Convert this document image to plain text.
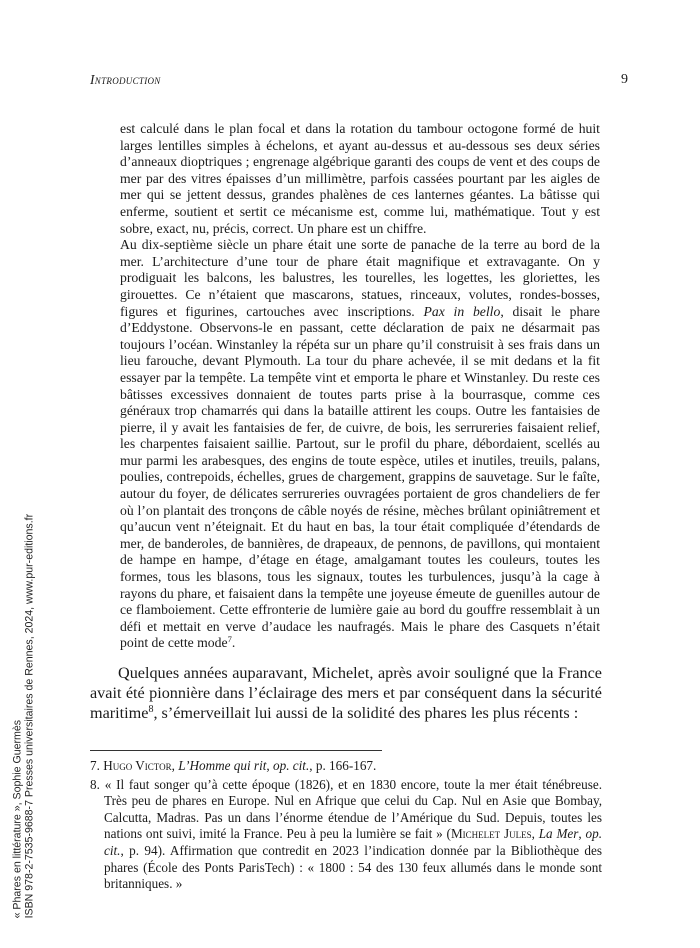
Introduction	9

est calculé dans le plan focal et dans la rotation du tambour octogone formé de huit larges lentilles simples à échelons, et ayant au-dessus et au-dessous ses deux séries d’anneaux dioptriques ; engrenage algébrique garanti des coups de vent et des coups de mer par des vitres épaisses d’un millimètre, parfois cassées pourtant par les aigles de mer qui se jettent dessus, grandes phalènes de ces lanternes géantes. La bâtisse qui enferme, soutient et sertit ce mécanisme est, comme lui, mathématique. Tout y est sobre, exact, nu, précis, correct. Un phare est un chiffre.

Au dix-septième siècle un phare était une sorte de panache de la terre au bord de la mer. L’architecture d’une tour de phare était magnifique et extravagante. On y prodiguait les balcons, les balustres, les tourelles, les logettes, les gloriettes, les girouettes. Ce n’étaient que mascarons, statues, rinceaux, volutes, rondes-bosses, figures et figurines, cartouches avec inscriptions. Pax in bello, disait le phare d’Eddystone. Observons-le en passant, cette déclaration de paix ne désarmait pas toujours l’océan. Winstanley la répéta sur un phare qu’il construisit à ses frais dans un lieu farouche, devant Plymouth. La tour du phare achevée, il se mit dedans et la fit essayer par la tempête. La tempête vint et emporta le phare et Winstanley. Du reste ces bâtisses excessives donnaient de toutes parts prise à la bourrasque, comme ces généraux trop chamarrés qui dans la bataille attirent les coups. Outre les fantaisies de pierre, il y avait les fantaisies de fer, de cuivre, de bois, les serrureries faisaient relief, les charpentes faisaient saillie. Partout, sur le profil du phare, débordaient, scellés au mur parmi les arabesques, des engins de toute espèce, utiles et inutiles, treuils, palans, poulies, contrepoids, échelles, grues de chargement, grappins de sauvetage. Sur le faîte, autour du foyer, de délicates serrureries ouvragées portaient de gros chandeliers de fer où l’on plantait des tronçons de câble noyés de résine, mèches brûlant opiniâtrement et qu’aucun vent n’éteignait. Et du haut en bas, la tour était compliquée d’étendards de mer, de banderoles, de bannières, de drapeaux, de pennons, de pavillons, qui montaient de hampe en hampe, d’étage en étage, amalgamant toutes les couleurs, toutes les formes, tous les blasons, tous les signaux, toutes les turbulences, jusqu’à la cage à rayons du phare, et faisaient dans la tempête une joyeuse émeute de guenilles autour de ce flamboiement. Cette effronterie de lumière gaie au bord du gouffre ressemblait à un défi et mettait en verve d’audace les naufragés. Mais le phare des Casquets n’était point de cette mode$^7$.

Quelques années auparavant, Michelet, après avoir souligné que la France avait été pionnière dans l’éclairage des mers et par conséquent dans la sécurité maritime$^8$, s’émerveillait lui aussi de la solidité des phares les plus récents :

7. Hugo Victor, L’Homme qui rit, op. cit., p. 166-167.

8. « Il faut songer qu’à cette époque (1826), et en 1830 encore, toute la mer était ténébreuse. Très peu de phares en Europe. Nul en Afrique que celui du Cap. Nul en Asie que Bombay, Calcutta, Madras. Pas un dans l’énorme étendue de l’Amérique du Sud. Depuis, toutes les nations ont suivi, imité la France. Peu à peu la lumière se fait » (Michelet Jules, La Mer, op. cit., p. 94). Affirmation que contredit en 2023 l’indication donnée par la Bibliothèque des phares (École des Ponts ParisTech) : « 1800 : 54 des 130 feux allumés dans le monde sont britanniques. »

« Phares en littérature », Sophie Guermès ISBN 978-2-7535-9688-7 Presses universitaires de Rennes, 2024, www.pur-editions.fr
